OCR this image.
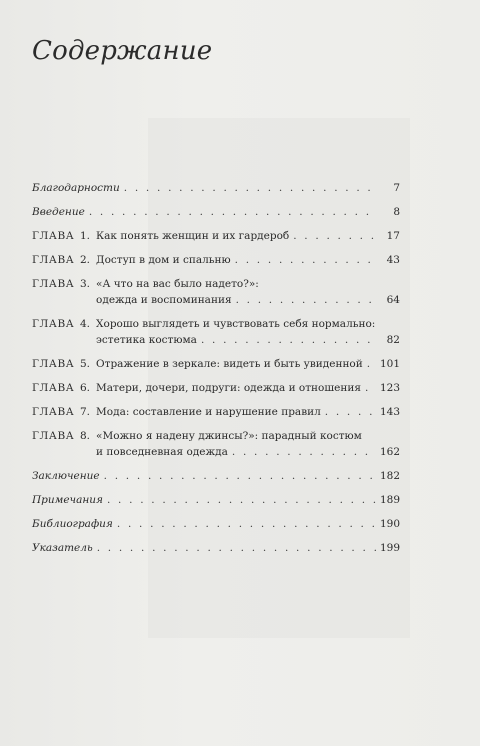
Содержание
Благодарности . . .	7
Введение . . .	8
ГЛАВА 1. Как понять женщин и их гардероб . . .	17
ГЛАВА 2. Доступ в дом и спальню . . .	43
ГЛАВА 3. «А что на вас было надето?»:
одежда и воспоминания . . .	64
ГЛАВА 4. Хорошо выглядеть и чувствовать себя нормально:
эстетика костюма . . .	82
ГЛАВА 5. Отражение в зеркале: видеть и быть увиденной . . . 101
ГЛАВА 6. Матери, дочери, подруги: одежда и отношения . . . 123
ГЛАВА 7. Мода: составление и нарушение правил . . .	143
ГЛАВА 8. «Можно я надену джинсы?»: парадный костюм
и повседневная одежда . . .	162
Заключение . . .	182
Примечания . . .	189
Библиография . . .	190
Указатель . . .	199
